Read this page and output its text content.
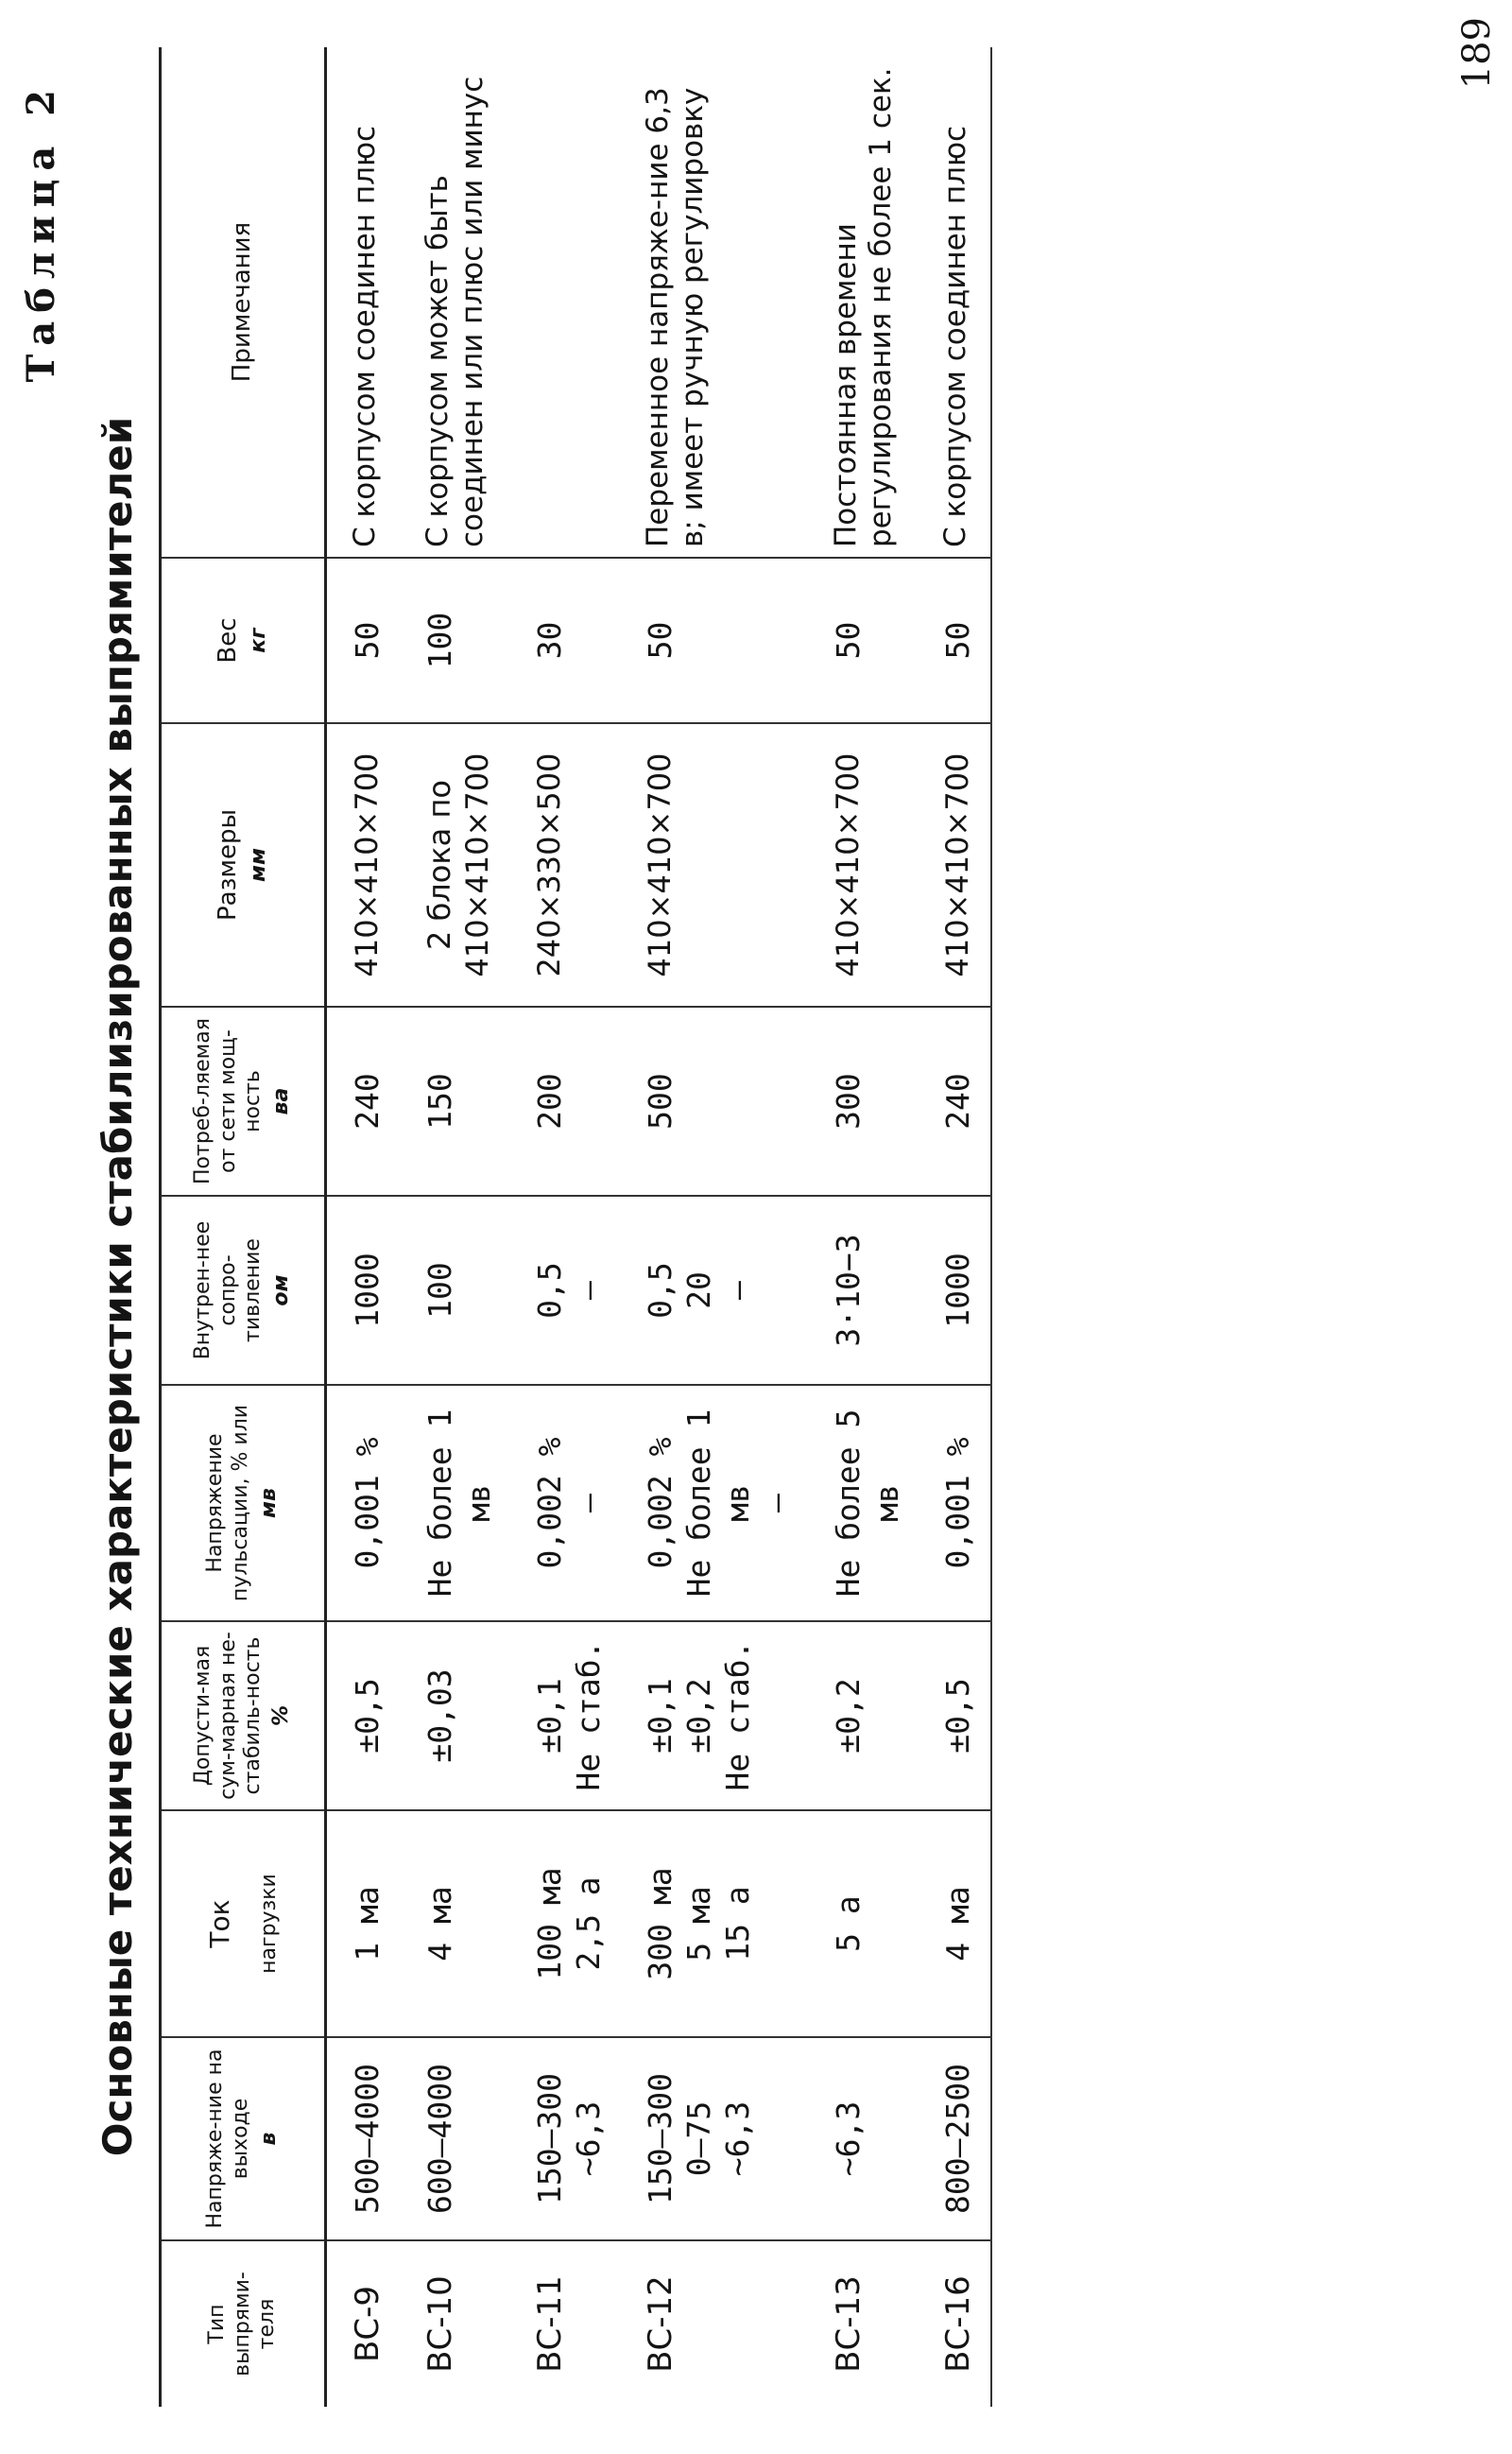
Таблица 2
Основные технические характеристики стабилизированных выпрямителей
Тип выпрями-теля	Напряже-ние на выходе в	Ток нагрузки	Допусти-мая сум-марная не-стабиль-ность %	Напряжение пульсации, % или мв	Внутрен-нее сопро-тивление ом	Потреб-ляемая от сети мощ-ность ва	Размеры мм	Вес кг	Примечания
ВС-9	500—4000	1 ма	±0,5	0,001 %	1000	240	410×410×700	50	С корпусом соединен плюс
ВС-10	600—4000	4 ма	±0,03	Не более 1 мв	100	150	2 блока по 410×410×700	100	С корпусом может быть соединен или плюс или минус
ВС-11	150—300 ~6,3	100 ма 2,5 а	±0,1 Не стаб.	0,002 % —	0,5 —	200	240×330×500	30	
ВС-12	150—300 0—75 ~6,3	300 ма 5 ма 15 а	±0,1 ±0,2 Не стаб.	0,002 % Не более 1 мв —	0,5 20 —	500	410×410×700	50	Переменное напряже-ние 6,3 в; имеет ручную регулировку
ВС-13	~6,3	5 а	±0,2	Не более 5 мв	3·10−3	300	410×410×700	50	Постоянная времени регулирования не более 1 сек.
ВС-16	800—2500	4 ма	±0,5	0,001 %	1000	240	410×410×700	50	С корпусом соединен плюс
189
